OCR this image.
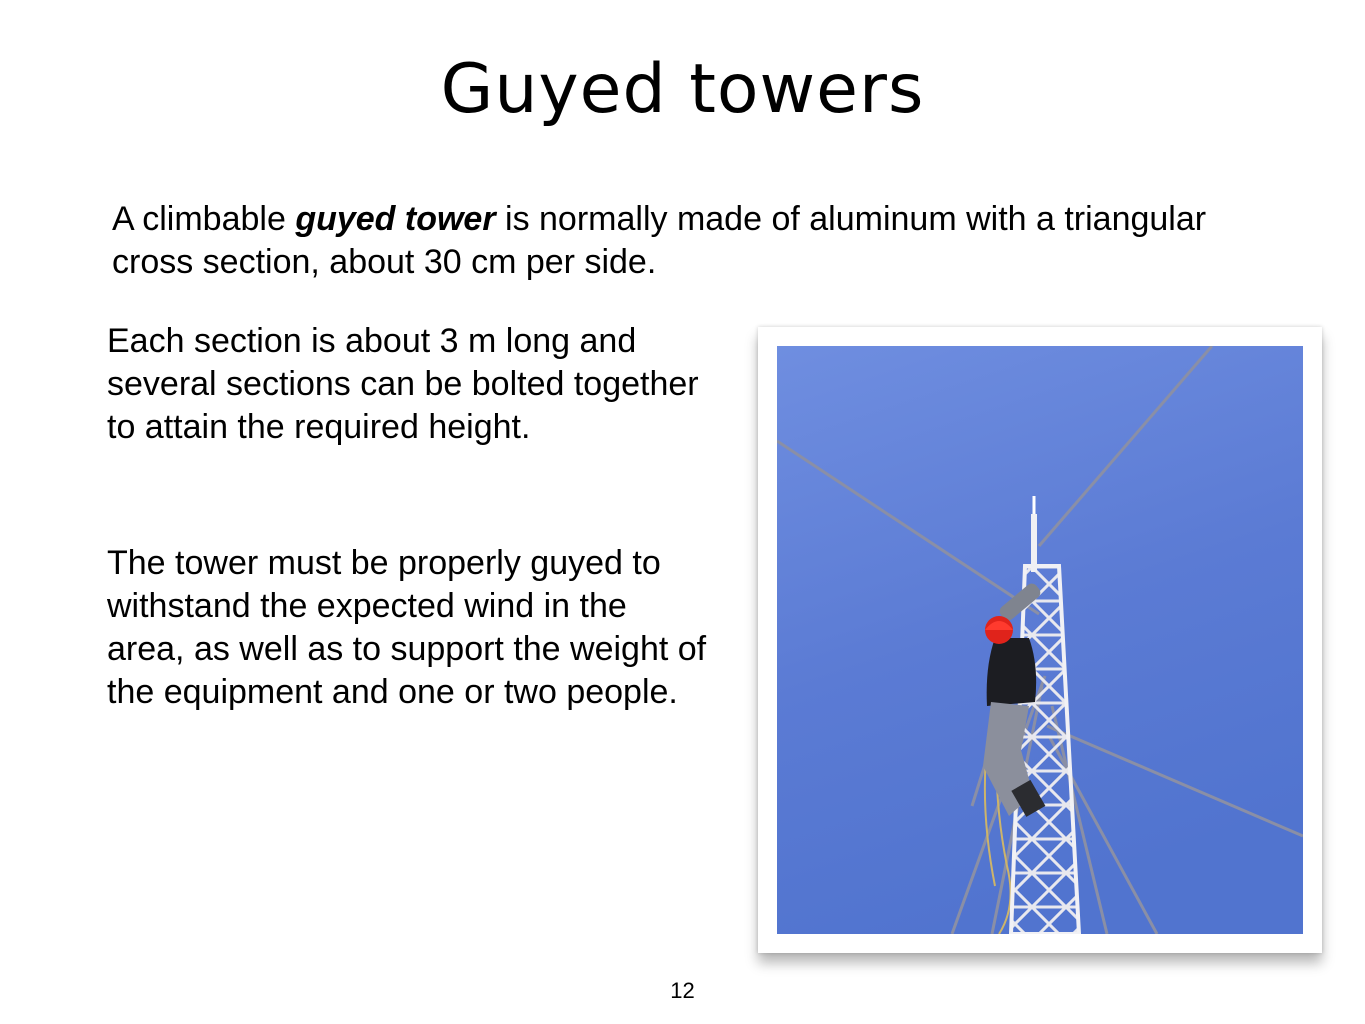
Guyed towers
A climbable guyed tower is normally made of aluminum with a triangular cross section, about 30 cm per side.
Each section is about 3 m long and several sections can be bolted together to attain the required height.
The tower must be properly guyed to withstand the expected wind in the area, as well as to support the weight of the equipment and one or two people.
12
